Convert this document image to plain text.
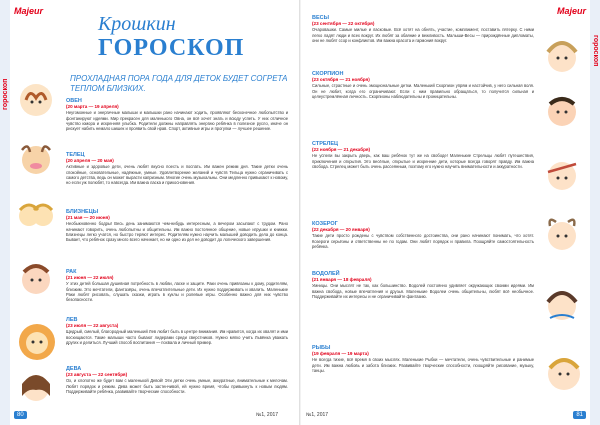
гороскоп
гороскоп
Majeur	Majeur
Крошкин
ГОРОСКОП
ПРОХЛАДНАЯ ПОРА ГОДА ДЛЯ ДЕТОК БУДЕТ СОГРЕТА ТЕПЛОМ БЛИЗКИХ.
ОВЕН
(20 марта — 19 апреля)
Неугомонные и энергичные малыши и малышки рано начинают ходить, проявляют бесконечное любопытство и фонтанируют идеями. Мир прекрасен для маленького Овна, он всё хочет знать и всюду успеть. У них отличное чувство юмора и искренняя улыбка. Родители должны направлять энергию ребёнка в полезное русло, иначе он рискует набить немало шишек и проявить свой нрав. Спорт, активные игры и прогулки — лучшее решение.
ТЕЛЕЦ
(20 апреля — 20 мая)
Активные и здоровые дети, очень любят вкусно поесть и поспать. Им важен режим дня. Такие детки очень спокойные, основательные, надёжные, умные. Удовлетворение желаний и чувств Тельца нужно ограничивать с самого детства, ведь он может вырасти капризным. Многие очень музыкальны. Они медленно привыкают к новому, но если уж полюбят, то навсегда. Им важна ласка и прикосновения.
БЛИЗНЕЦЫ
(21 мая — 20 июня)
Необыкновенно бодры! Весь день занимаются чем-нибудь интересным, а вечером засыпают с трудом. Рано начинают говорить, очень любопытны и общительны. Им важно постоянное общение, новые игрушки и книжки. Близнецы легко учатся, но быстро теряют интерес. Родителям нужно научить малышей доводить дела до конца. Бывает, что ребёнок сразу много всего начинает, но ни одно из дел не доводит до логического завершения.
РАК
(21 июня — 22 июля)
У этих детей большая душевная потребность в любви, ласке и защите. Раки очень привязаны к дому, родителям, близким. Это мечтатели, фантазёры, очень впечатлительные дети. Их нужно поддерживать и хвалить. Маленькие Раки любят рисовать, слушать сказки, играть в куклы и ролевые игры. Особенно важно для них чувство безопасности.
ЛЕВ
(23 июля — 22 августа)
Щедрый, смелый, благородный маленький Лев любит быть в центре внимания. Им нравится, когда их хвалят и ими восхищаются. Такие малыши часто бывают лидерами среди сверстников. Нужно мягко учить Львёнка уважать других и делиться. Лучший способ воспитания — похвала и личный пример.
ДЕВА
(23 августа — 22 сентября)
Ох, и хлопотно же будет вам с маленькой Девой! Эти детки очень умные, аккуратные, внимательные к мелочам. Любят порядок и режим. Дева может быть застенчивой, ей нужно время, чтобы привыкнуть к новым людям. Поддерживайте ребёнка, развивайте творческие способности.
ВЕСЫ
(23 сентября — 22 октября)
Очаровашки. Самые милые и ласковые. Всё хотят на обнять, участие, комплимент, поставить пятерку. С ними легко ладят люди и всех вокруг. Их любят за обаяние и вежливость. Малыши-Весы — прирождённые дипломаты, они не любят ссор и конфликтов. Им важна красота и гармония вокруг.
СКОРПИОН
(23 октября — 21 ноября)
Сильные, страстные и очень эмоциональные детки. Маленький Скорпион упрям и настойчив, у него сильная воля. Он не любит, когда его ограничивают. Если с ним правильно обращаться, то получится сильная и целеустремлённая личность. Скорпионы наблюдательны и проницательны.
СТРЕЛЕЦ
(22 ноября — 21 декабря)
Не успели вы закрыть дверь, как ваш ребёнок тут же на свободе! Маленькие Стрельцы любят путешествия, приключения и открытия. Это весёлые, открытые и искренние дети, которые всегда говорят правду. Им важна свобода. Стрелец может быть очень рассеянным, поэтому его нужно научить внимательности и аккуратности.
КОЗЕРОГ
(22 декабря — 20 января)
Такие дети просто рождены с чувством собственного достоинства, они рано начинают понимать, что хотят. Козероги серьёзны и ответственны не по годам. Они любят порядок и правила. Поощряйте самостоятельность ребёнка.
ВОДОЛЕЙ
(21 января — 18 февраля)
Умницы. Они мыслят не так, как большинство. Водолей постоянно удивляет окружающих своими идеями. Им важна свобода, новые впечатления и друзья. Маленькие Водолеи очень общительны, любят всё необычное. Поддерживайте их интересы и не ограничивайте фантазию.
РЫБЫ
(19 февраля — 19 марта)
Не всегда тихие, всё время в своих мыслях. Маленькие Рыбки — мечтатели, очень чувствительные и ранимые дети. Им важна любовь и забота близких. Развивайте творческие способности, поощряйте рисование, музыку, танцы.
80	81
№1, 2017	№1, 2017
